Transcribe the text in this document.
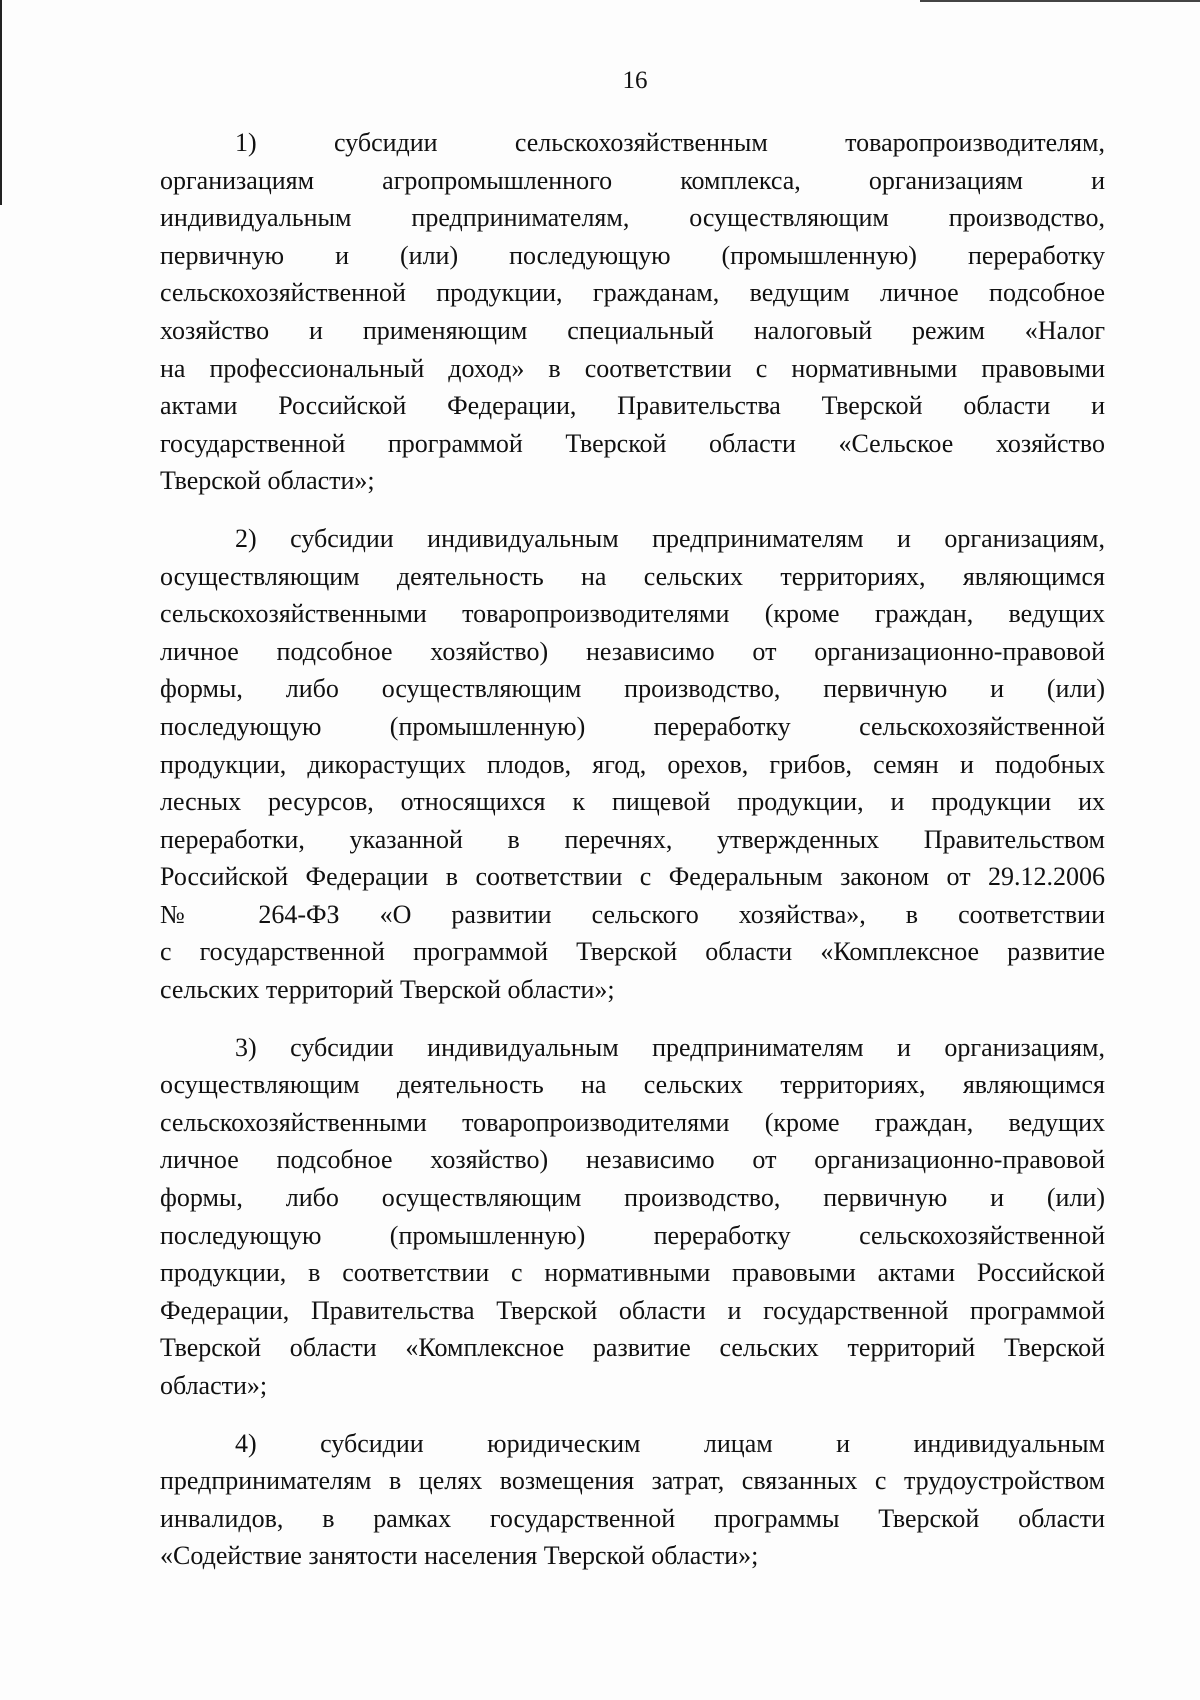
16

1) субсидии сельскохозяйственным товаропроизводителям,
организациям агропромышленного комплекса, организациям и
индивидуальным предпринимателям, осуществляющим производство,
первичную и (или) последующую (промышленную) переработку
сельскохозяйственной продукции, гражданам, ведущим личное подсобное
хозяйство и применяющим специальный налоговый режим «Налог
на профессиональный доход» в соответствии с нормативными правовыми
актами Российской Федерации, Правительства Тверской области и
государственной программой Тверской области «Сельское хозяйство
Тверской области»;

2) субсидии индивидуальным предпринимателям и организациям,
осуществляющим деятельность на сельских территориях, являющимся
сельскохозяйственными товаропроизводителями (кроме граждан, ведущих
личное подсобное хозяйство) независимо от организационно-правовой
формы, либо осуществляющим производство, первичную и (или)
последующую (промышленную) переработку сельскохозяйственной
продукции, дикорастущих плодов, ягод, орехов, грибов, семян и подобных
лесных ресурсов, относящихся к пищевой продукции, и продукции их
переработки, указанной в перечнях, утвержденных Правительством
Российской Федерации в соответствии с Федеральным законом от 29.12.2006
№ 264-ФЗ «О развитии сельского хозяйства», в соответствии
с государственной программой Тверской области «Комплексное развитие
сельских территорий Тверской области»;

3) субсидии индивидуальным предпринимателям и организациям,
осуществляющим деятельность на сельских территориях, являющимся
сельскохозяйственными товаропроизводителями (кроме граждан, ведущих
личное подсобное хозяйство) независимо от организационно-правовой
формы, либо осуществляющим производство, первичную и (или)
последующую (промышленную) переработку сельскохозяйственной
продукции, в соответствии с нормативными правовыми актами Российской
Федерации, Правительства Тверской области и государственной программой
Тверской области «Комплексное развитие сельских территорий Тверской
области»;

4) субсидии юридическим лицам и индивидуальным
предпринимателям в целях возмещения затрат, связанных с трудоустройством
инвалидов, в рамках государственной программы Тверской области
«Содействие занятости населения Тверской области»;
